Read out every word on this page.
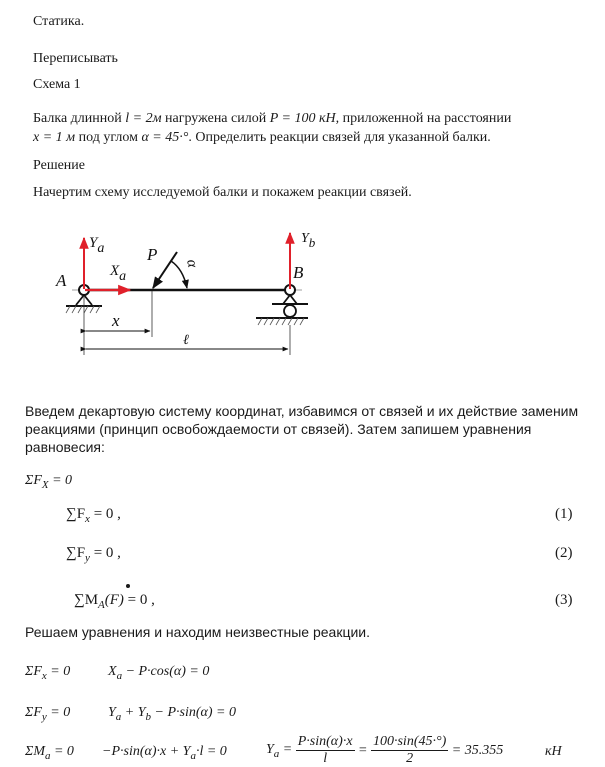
Статика.
Переписывать
Схема 1
Балка длинной l = 2м нагружена силой P = 100 кН, приложенной на расстоянии
x = 1 м под углом α = 45·°. Определить реакции связей для указанной балки.
Решение
Начертим схему исследуемой балки и покажем реакции связей.
A	B
Ya
Xa
Yb
P α
x
ℓ
Введем декартовую систему координат, избавимся от связей и их действие заменим
реакциями (принцип освобождаемости от связей). Затем запишем уравнения
равновесия:
$\Sigma F_X = 0$
$\sum F_x = 0$ ,	(1)
$\sum F_y = 0$ ,	(2)
$\sum M_A(F) = 0$ ,	(3)
Решаем уравнения и находим неизвестные реакции.
$\Sigma F_x = 0$	$X_a - P\cdot\cos(\alpha) = 0$
$\Sigma F_y = 0$	$Y_a + Y_b - P\cdot\sin(\alpha) = 0$
$\Sigma M_a = 0 -P\cdot\sin(\alpha)\cdot x + Y_a\cdot l = 0$	$Y_a = \frac{P\cdot\sin(\alpha)\cdot x}{l} = \frac{100\cdot\sin(45\cdot^\circ)}{2} = 35.355$	кН
